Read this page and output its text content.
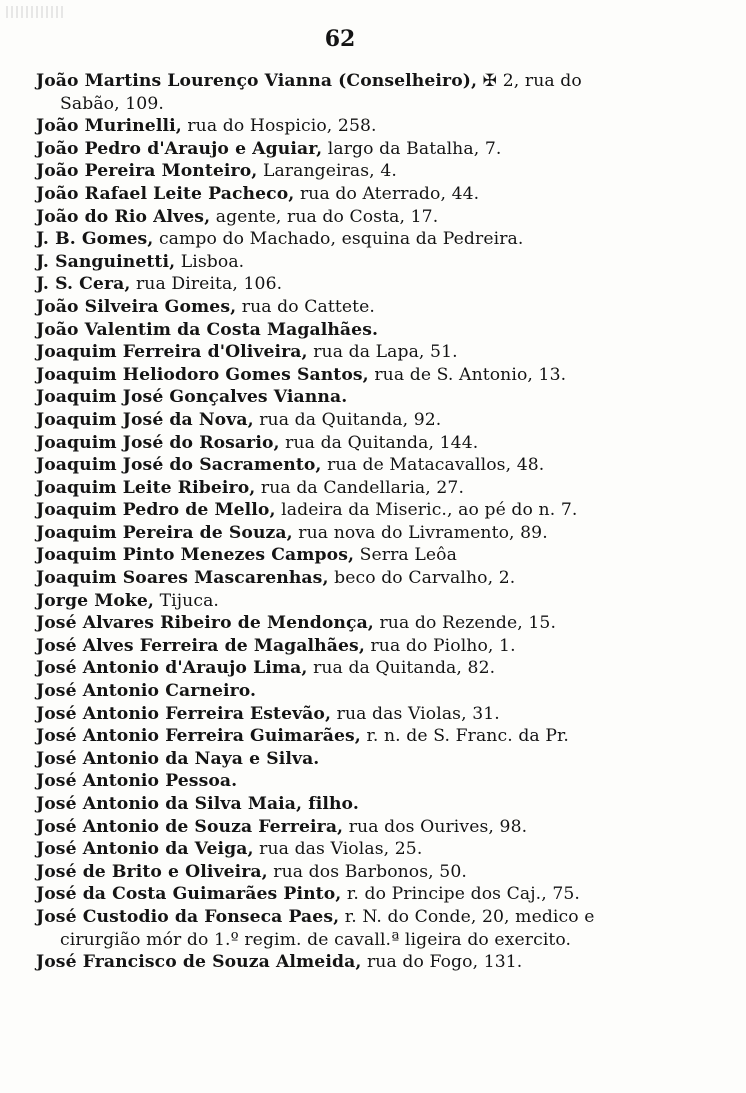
62
João Martins Lourenço Vianna (Conselheiro), ✠ 2, rua do
Sabão, 109.
João Murinelli, rua do Hospicio, 258.
João Pedro d'Araujo e Aguiar, largo da Batalha, 7.
João Pereira Monteiro, Larangeiras, 4.
João Rafael Leite Pacheco, rua do Aterrado, 44.
João do Rio Alves, agente, rua do Costa, 17.
J. B. Gomes, campo do Machado, esquina da Pedreira.
J. Sanguinetti, Lisboa.
J. S. Cera, rua Direita, 106.
João Silveira Gomes, rua do Cattete.
João Valentim da Costa Magalhães.
Joaquim Ferreira d'Oliveira, rua da Lapa, 51.
Joaquim Heliodoro Gomes Santos, rua de S. Antonio, 13.
Joaquim José Gonçalves Vianna.
Joaquim José da Nova, rua da Quitanda, 92.
Joaquim José do Rosario, rua da Quitanda, 144.
Joaquim José do Sacramento, rua de Matacavallos, 48.
Joaquim Leite Ribeiro, rua da Candellaria, 27.
Joaquim Pedro de Mello, ladeira da Miseric., ao pé do n. 7.
Joaquim Pereira de Souza, rua nova do Livramento, 89.
Joaquim Pinto Menezes Campos, Serra Leôa
Joaquim Soares Mascarenhas, beco do Carvalho, 2.
Jorge Moke, Tijuca.
José Alvares Ribeiro de Mendonça, rua do Rezende, 15.
José Alves Ferreira de Magalhães, rua do Piolho, 1.
José Antonio d'Araujo Lima, rua da Quitanda, 82.
José Antonio Carneiro.
José Antonio Ferreira Estevão, rua das Violas, 31.
José Antonio Ferreira Guimarães, r. n. de S. Franc. da Pr.
José Antonio da Naya e Silva.
José Antonio Pessoa.
José Antonio da Silva Maia, filho.
José Antonio de Souza Ferreira, rua dos Ourives, 98.
José Antonio da Veiga, rua das Violas, 25.
José de Brito e Oliveira, rua dos Barbonos, 50.
José da Costa Guimarães Pinto, r. do Principe dos Caj., 75.
José Custodio da Fonseca Paes, r. N. do Conde, 20, medico e
cirurgião mór do 1.º regim. de cavall.ª ligeira do exercito.
José Francisco de Souza Almeida, rua do Fogo, 131.
